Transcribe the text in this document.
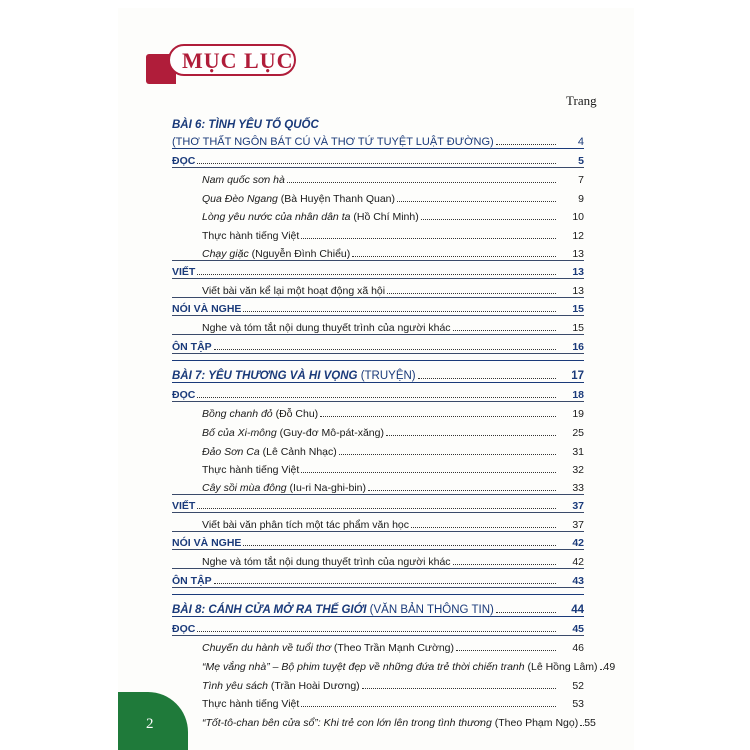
2
MỤC LỤC
Trang
BÀI 6: TÌNH YÊU TỔ QUỐC
(THƠ THẤT NGÔN BÁT CÚ VÀ THƠ TỨ TUYỆT LUẬT ĐƯỜNG)	4
ĐỌC	5
Nam quốc sơn hà	7
Qua Đèo Ngang (Bà Huyện Thanh Quan)	9
Lòng yêu nước của nhân dân ta (Hồ Chí Minh)	10
Thực hành tiếng Việt	12
Chạy giặc (Nguyễn Đình Chiểu)	13
VIẾT	13
Viết bài văn kể lại một hoạt động xã hội	13
NÓI VÀ NGHE	15
Nghe và tóm tắt nội dung thuyết trình của người khác	15
ÔN TẬP	16
BÀI 7: YÊU THƯƠNG VÀ HI VỌNG (TRUYỆN)	17
ĐỌC	18
Bồng chanh đỏ (Đỗ Chu)	19
Bố của Xi-mông (Guy-đơ Mô-pát-xăng)	25
Đảo Sơn Ca (Lê Cảnh Nhạc)	31
Thực hành tiếng Việt	32
Cây sồi mùa đông (Iu-ri Na-ghi-bin)	33
VIẾT	37
Viết bài văn phân tích một tác phẩm văn học	37
NÓI VÀ NGHE	42
Nghe và tóm tắt nội dung thuyết trình của người khác	42
ÔN TẬP	43
BÀI 8: CÁNH CỬA MỞ RA THẾ GIỚI (VĂN BẢN THÔNG TIN)	44
ĐỌC	45
Chuyến du hành về tuổi thơ (Theo Trần Mạnh Cường)	46
“Mẹ vắng nhà” – Bộ phim tuyệt đẹp về những đứa trẻ thời chiến tranh (Lê Hồng Lâm) 49
Tình yêu sách (Trần Hoài Dương)	52
Thực hành tiếng Việt	53
“Tốt-tô-chan bên cửa sổ”: Khi trẻ con lớn lên trong tình thương (Theo Phạm Ngọ) 55
